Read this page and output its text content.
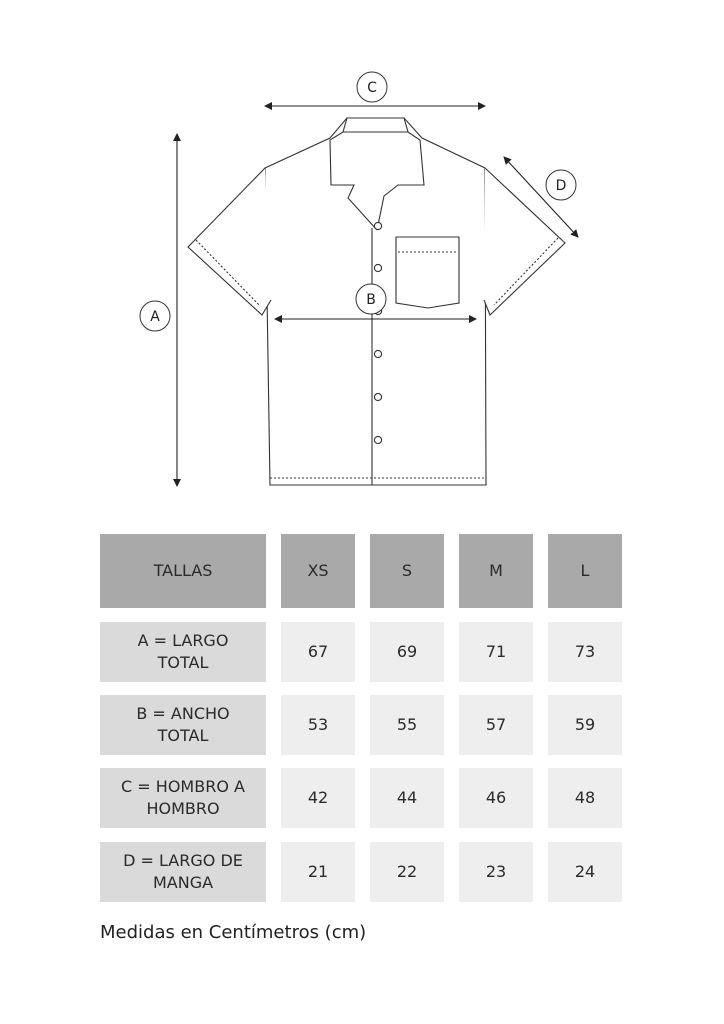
C
A
B
D
TALLAS	XS	S	M	L
A = LARGO TOTAL
67	69	71	73
B = ANCHO TOTAL
53	55	57	59
C = HOMBRO A HOMBRO
42	44	46	48
D = LARGO DE MANGA
21	22	23	24
Medidas en Centímetros (cm)
